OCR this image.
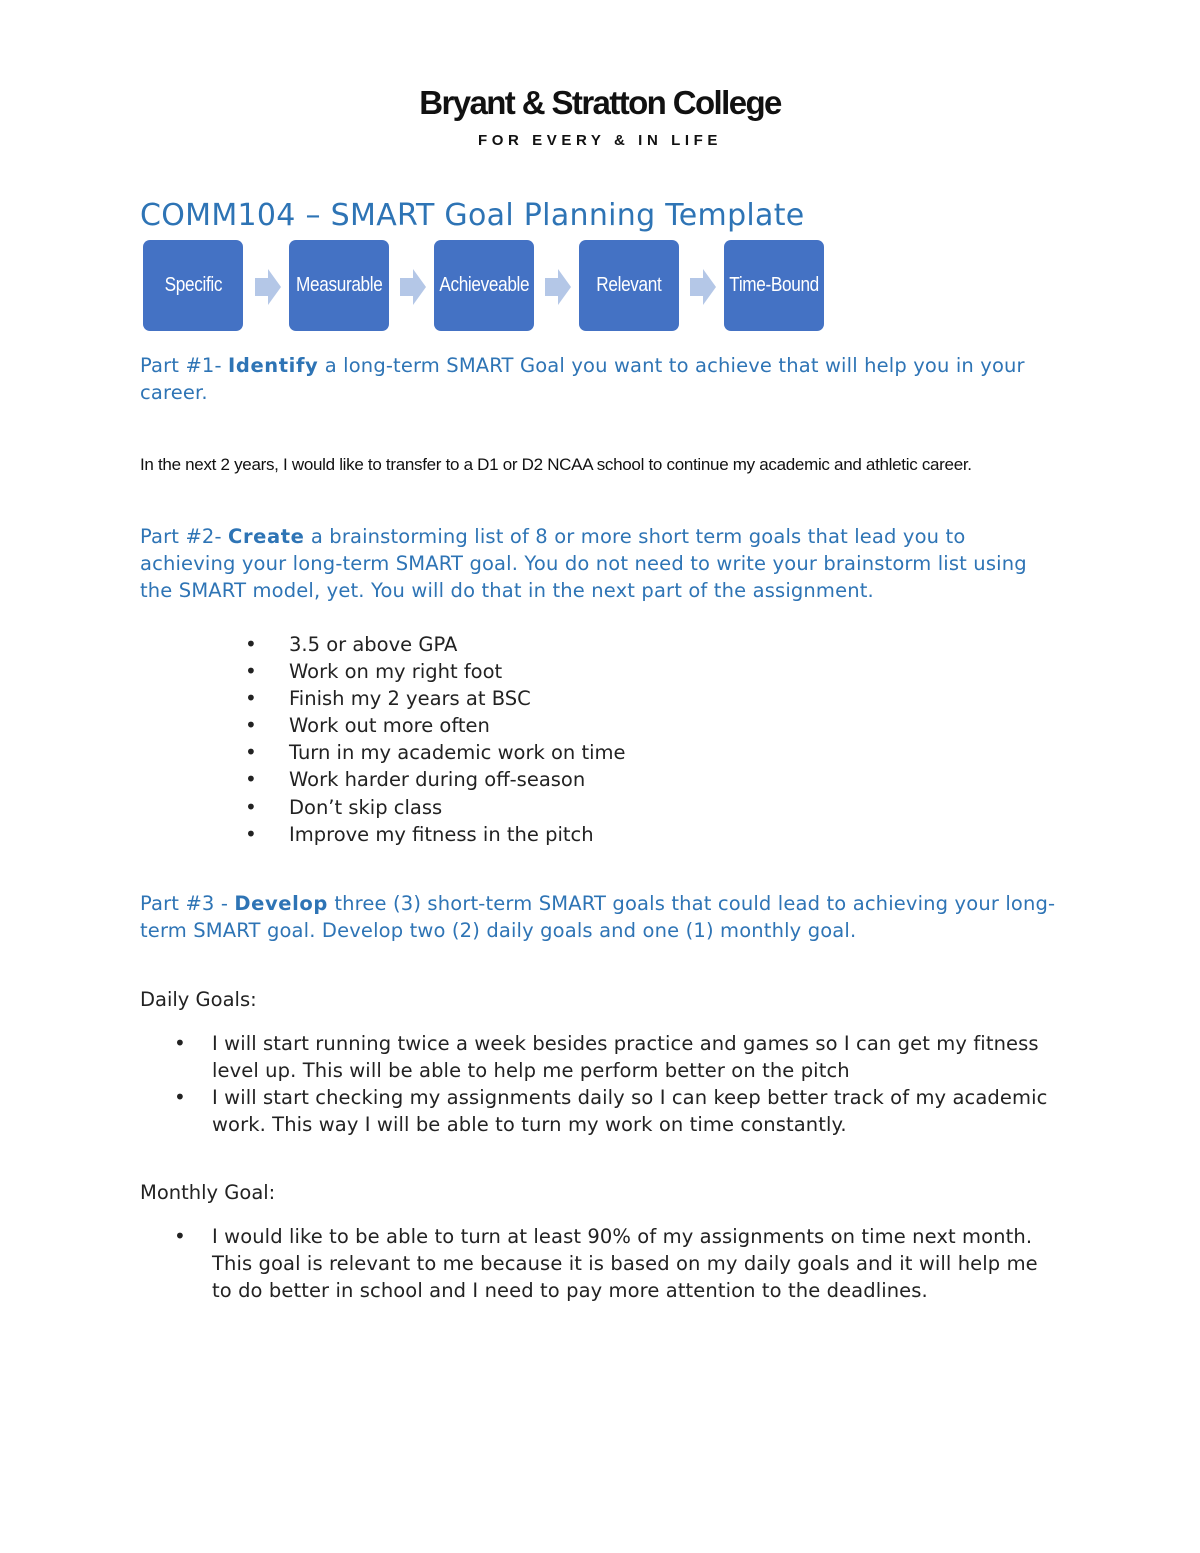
Bryant & Stratton College
FOR EVERY & IN LIFE
COMM104 – SMART Goal Planning Template
Specific	Measurable	Achieveable	Relevant	Time-Bound
Part #1- Identify a long-term SMART Goal you want to achieve that will help you in your career.
In the next 2 years, I would like to transfer to a D1 or D2 NCAA school to continue my academic and athletic career.
Part #2- Create a brainstorming list of 8 or more short term goals that lead you to achieving your long-term SMART goal. You do not need to write your brainstorm list using the SMART model, yet. You will do that in the next part of the assignment.
• 3.5 or above GPA
• Work on my right foot
• Finish my 2 years at BSC
• Work out more often
• Turn in my academic work on time
• Work harder during off-season
• Don’t skip class
• Improve my fitness in the pitch
Part #3 - Develop three (3) short-term SMART goals that could lead to achieving your long-term SMART goal. Develop two (2) daily goals and one (1) monthly goal.
Daily Goals:
• I will start running twice a week besides practice and games so I can get my fitness level up. This will be able to help me perform better on the pitch
• I will start checking my assignments daily so I can keep better track of my academic work. This way I will be able to turn my work on time constantly.
Monthly Goal:
• I would like to be able to turn at least 90% of my assignments on time next month. This goal is relevant to me because it is based on my daily goals and it will help me to do better in school and I need to pay more attention to the deadlines.
